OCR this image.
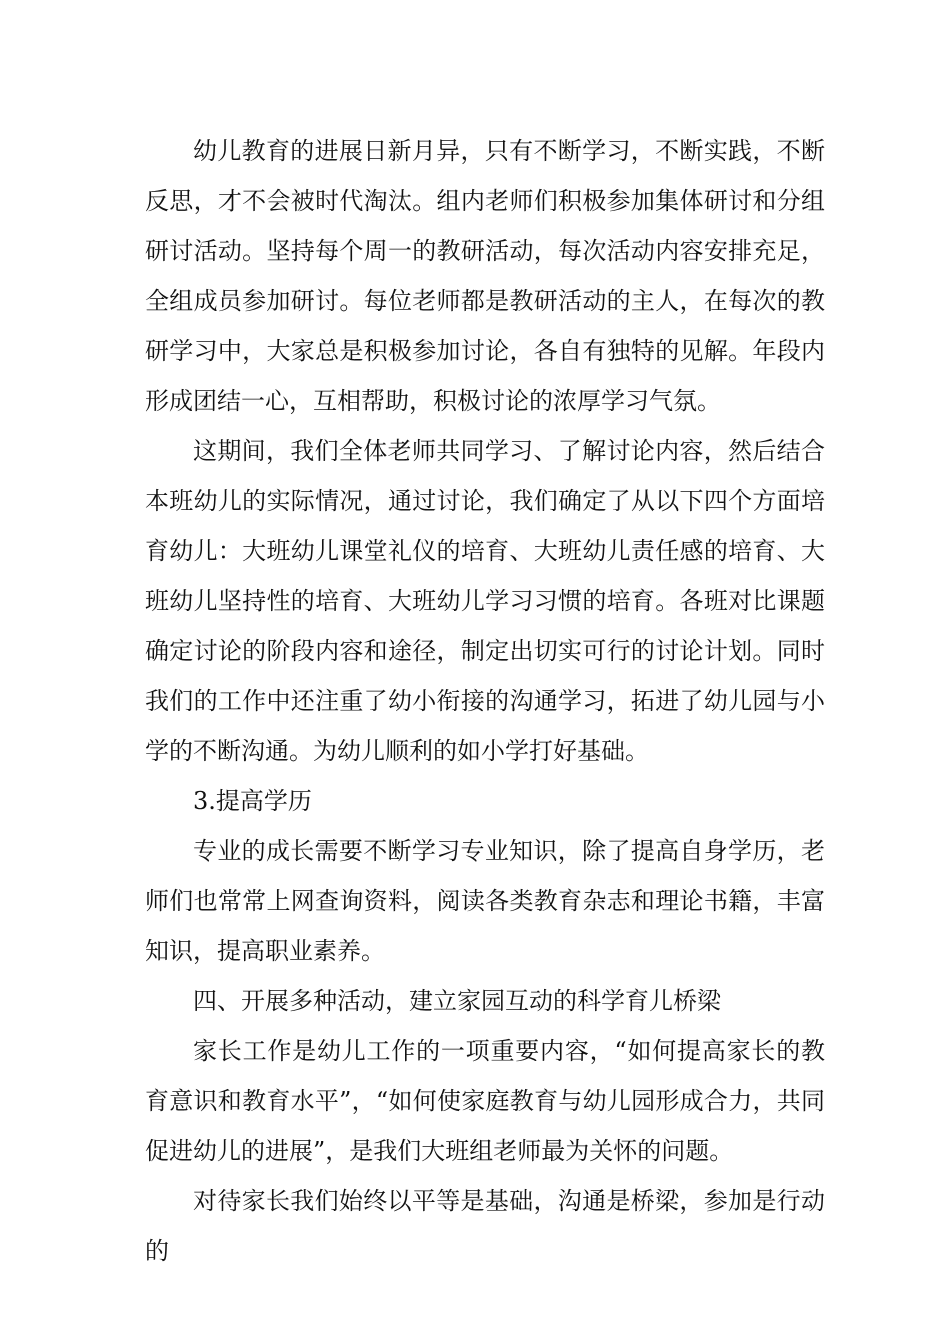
幼儿教育的进展日新月异，只有不断学习，不断实践，不断反思，才不会被时代淘汰。组内老师们积极参加集体研讨和分组研讨活动。坚持每个周一的教研活动，每次活动内容安排充足，全组成员参加研讨。每位老师都是教研活动的主人，在每次的教研学习中，大家总是积极参加讨论，各自有独特的见解。年段内形成团结一心，互相帮助，积极讨论的浓厚学习气氛。

这期间，我们全体老师共同学习、了解讨论内容，然后结合本班幼儿的实际情况，通过讨论，我们确定了从以下四个方面培育幼儿：大班幼儿课堂礼仪的培育、大班幼儿责任感的培育、大班幼儿坚持性的培育、大班幼儿学习习惯的培育。各班对比课题确定讨论的阶段内容和途径，制定出切实可行的讨论计划。同时我们的工作中还注重了幼小衔接的沟通学习，拓进了幼儿园与小学的不断沟通。为幼儿顺利的如小学打好基础。

3.提高学历

专业的成长需要不断学习专业知识，除了提高自身学历，老师们也常常上网查询资料，阅读各类教育杂志和理论书籍，丰富知识，提高职业素养。

四、开展多种活动，建立家园互动的科学育儿桥梁

家长工作是幼儿工作的一项重要内容，“如何提高家长的教育意识和教育水平”，“如何使家庭教育与幼儿园形成合力，共同促进幼儿的进展”，是我们大班组老师最为关怀的问题。

对待家长我们始终以平等是基础，沟通是桥梁，参加是行动的
